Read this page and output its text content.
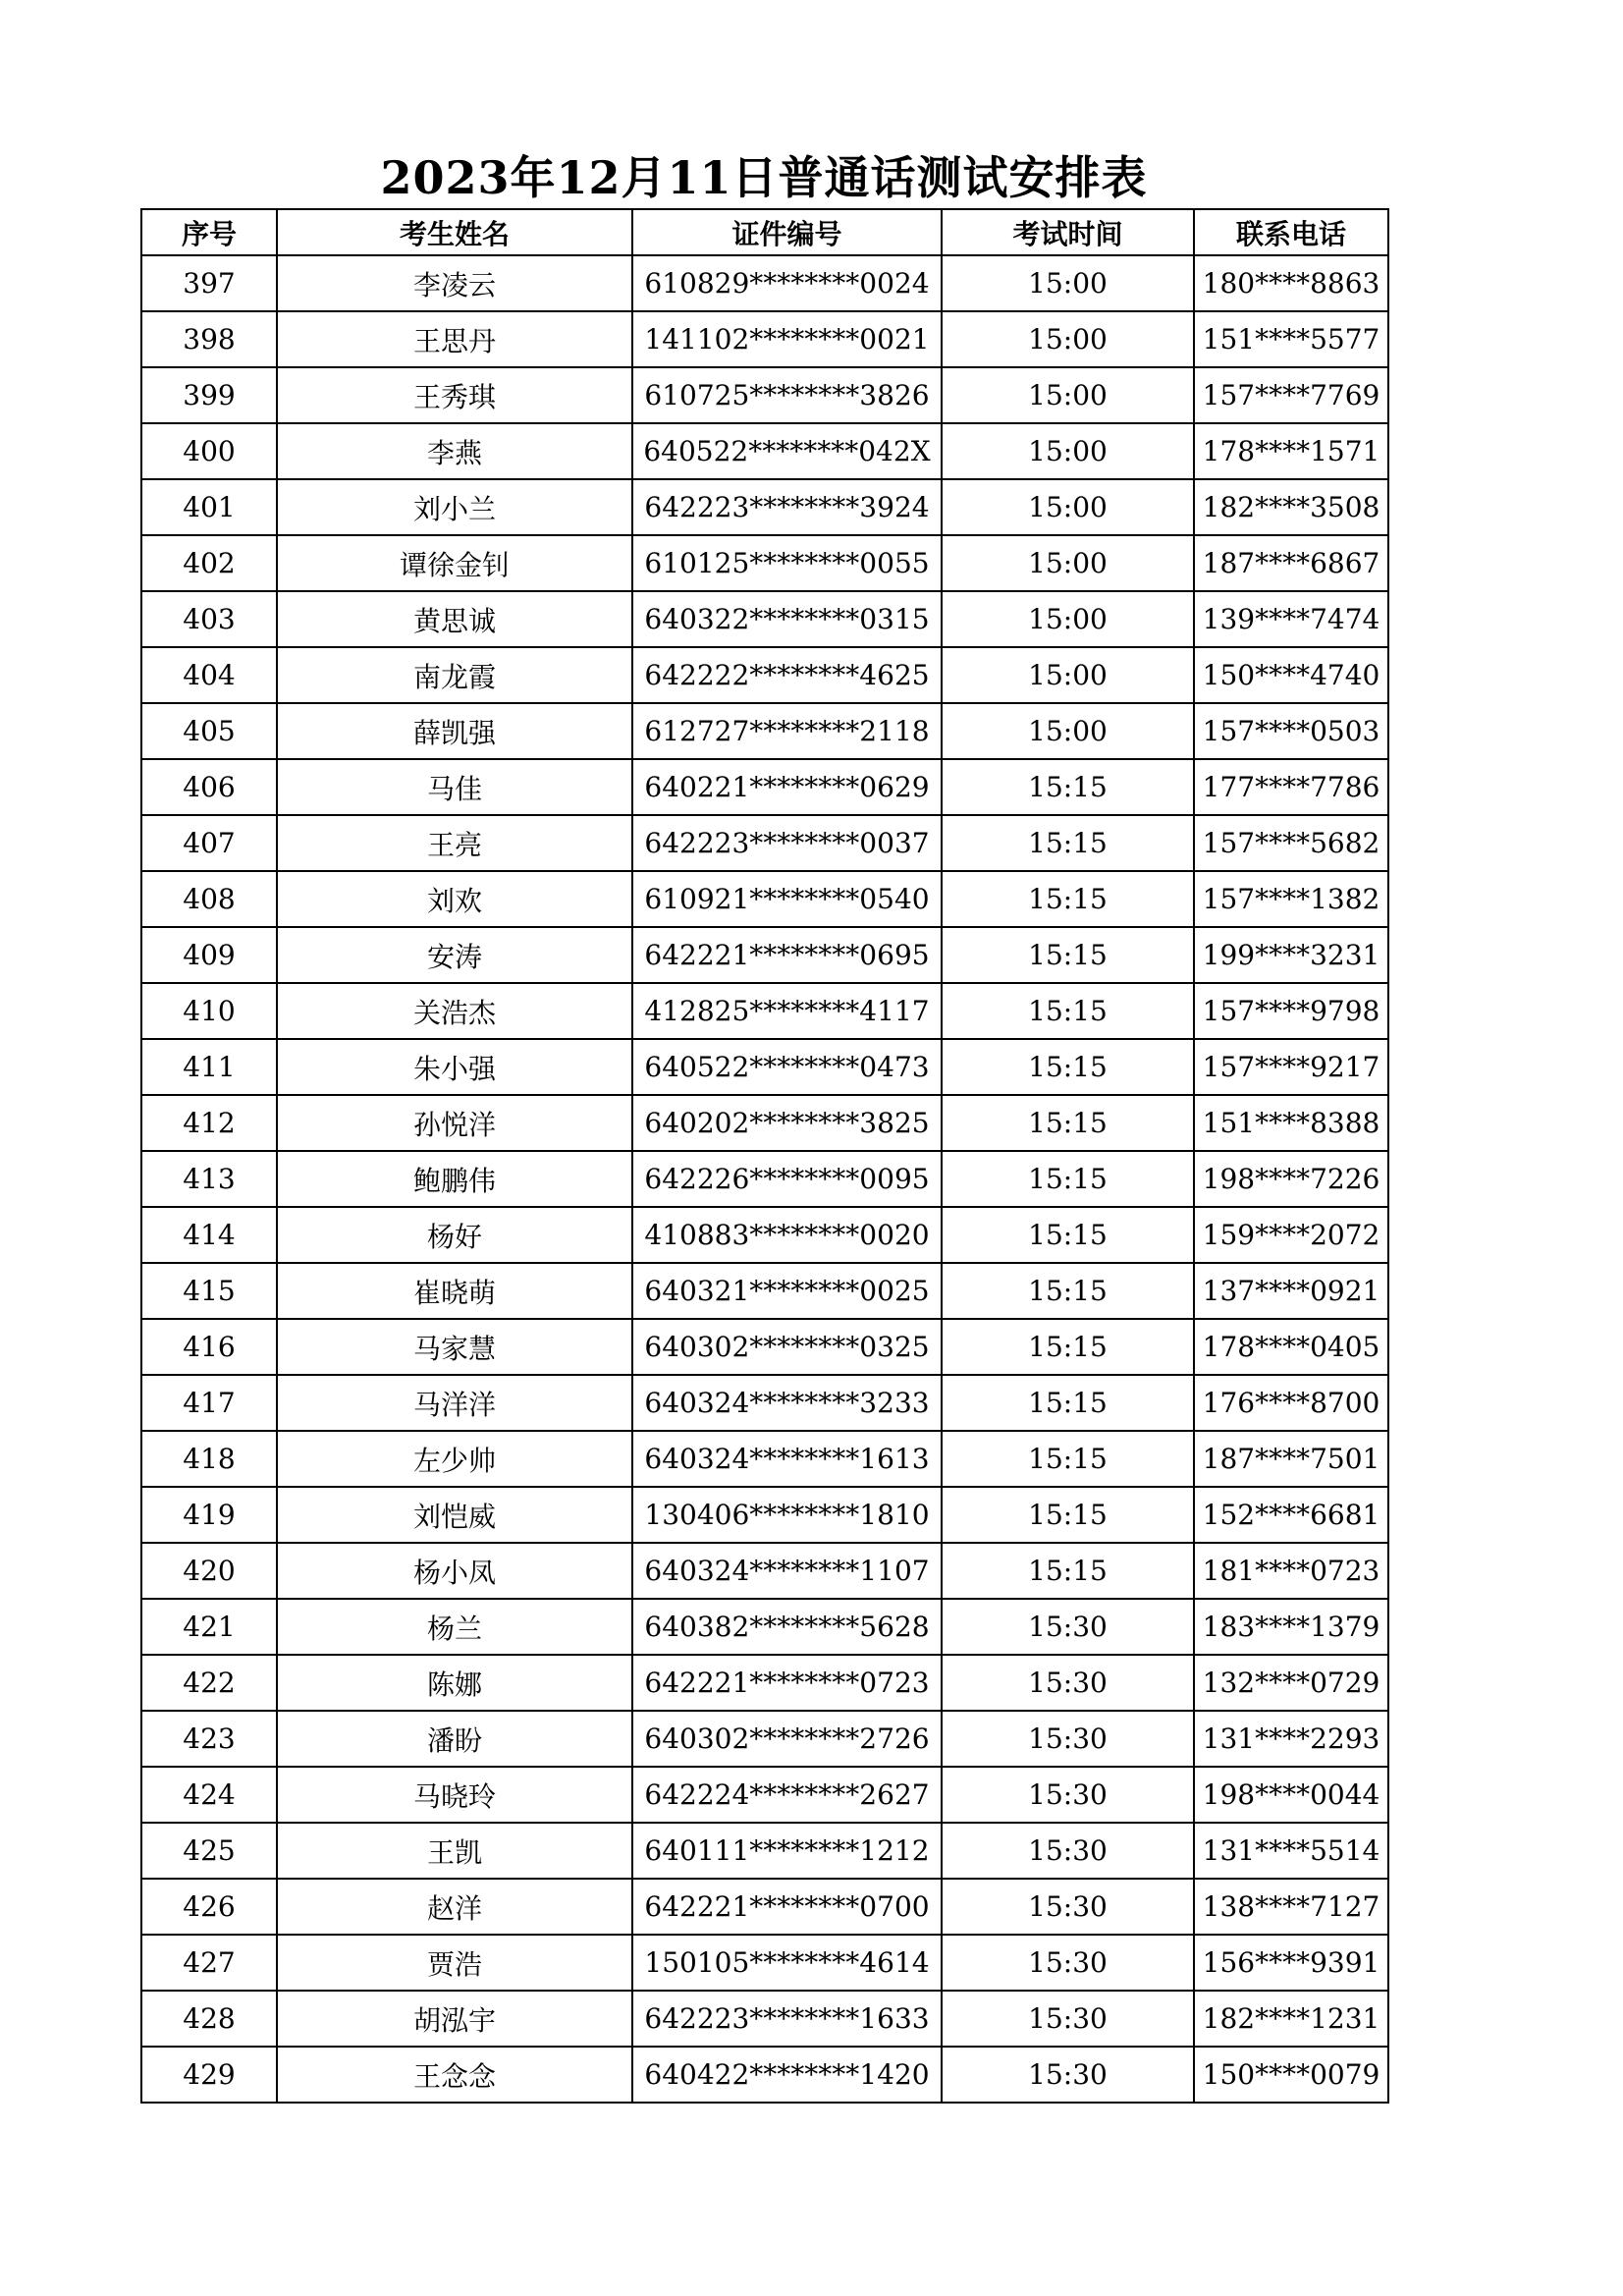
2023年12月11日普通话测试安排表
序号	考生姓名	证件编号	考试时间	联系电话
397	李凌云	610829********0024	15:00	180****8863
398	王思丹	141102********0021	15:00	151****5577
399	王秀琪	610725********3826	15:00	157****7769
400	李燕	640522********042X	15:00	178****1571
401	刘小兰	642223********3924	15:00	182****3508
402	谭徐金钊	610125********0055	15:00	187****6867
403	黄思诚	640322********0315	15:00	139****7474
404	南龙霞	642222********4625	15:00	150****4740
405	薛凯强	612727********2118	15:00	157****0503
406	马佳	640221********0629	15:15	177****7786
407	王亮	642223********0037	15:15	157****5682
408	刘欢	610921********0540	15:15	157****1382
409	安涛	642221********0695	15:15	199****3231
410	关浩杰	412825********4117	15:15	157****9798
411	朱小强	640522********0473	15:15	157****9217
412	孙悦洋	640202********3825	15:15	151****8388
413	鲍鹏伟	642226********0095	15:15	198****7226
414	杨好	410883********0020	15:15	159****2072
415	崔晓萌	640321********0025	15:15	137****0921
416	马家慧	640302********0325	15:15	178****0405
417	马洋洋	640324********3233	15:15	176****8700
418	左少帅	640324********1613	15:15	187****7501
419	刘恺威	130406********1810	15:15	152****6681
420	杨小凤	640324********1107	15:15	181****0723
421	杨兰	640382********5628	15:30	183****1379
422	陈娜	642221********0723	15:30	132****0729
423	潘盼	640302********2726	15:30	131****2293
424	马晓玲	642224********2627	15:30	198****0044
425	王凯	640111********1212	15:30	131****5514
426	赵洋	642221********0700	15:30	138****7127
427	贾浩	150105********4614	15:30	156****9391
428	胡泓宇	642223********1633	15:30	182****1231
429	王念念	640422********1420	15:30	150****0079
